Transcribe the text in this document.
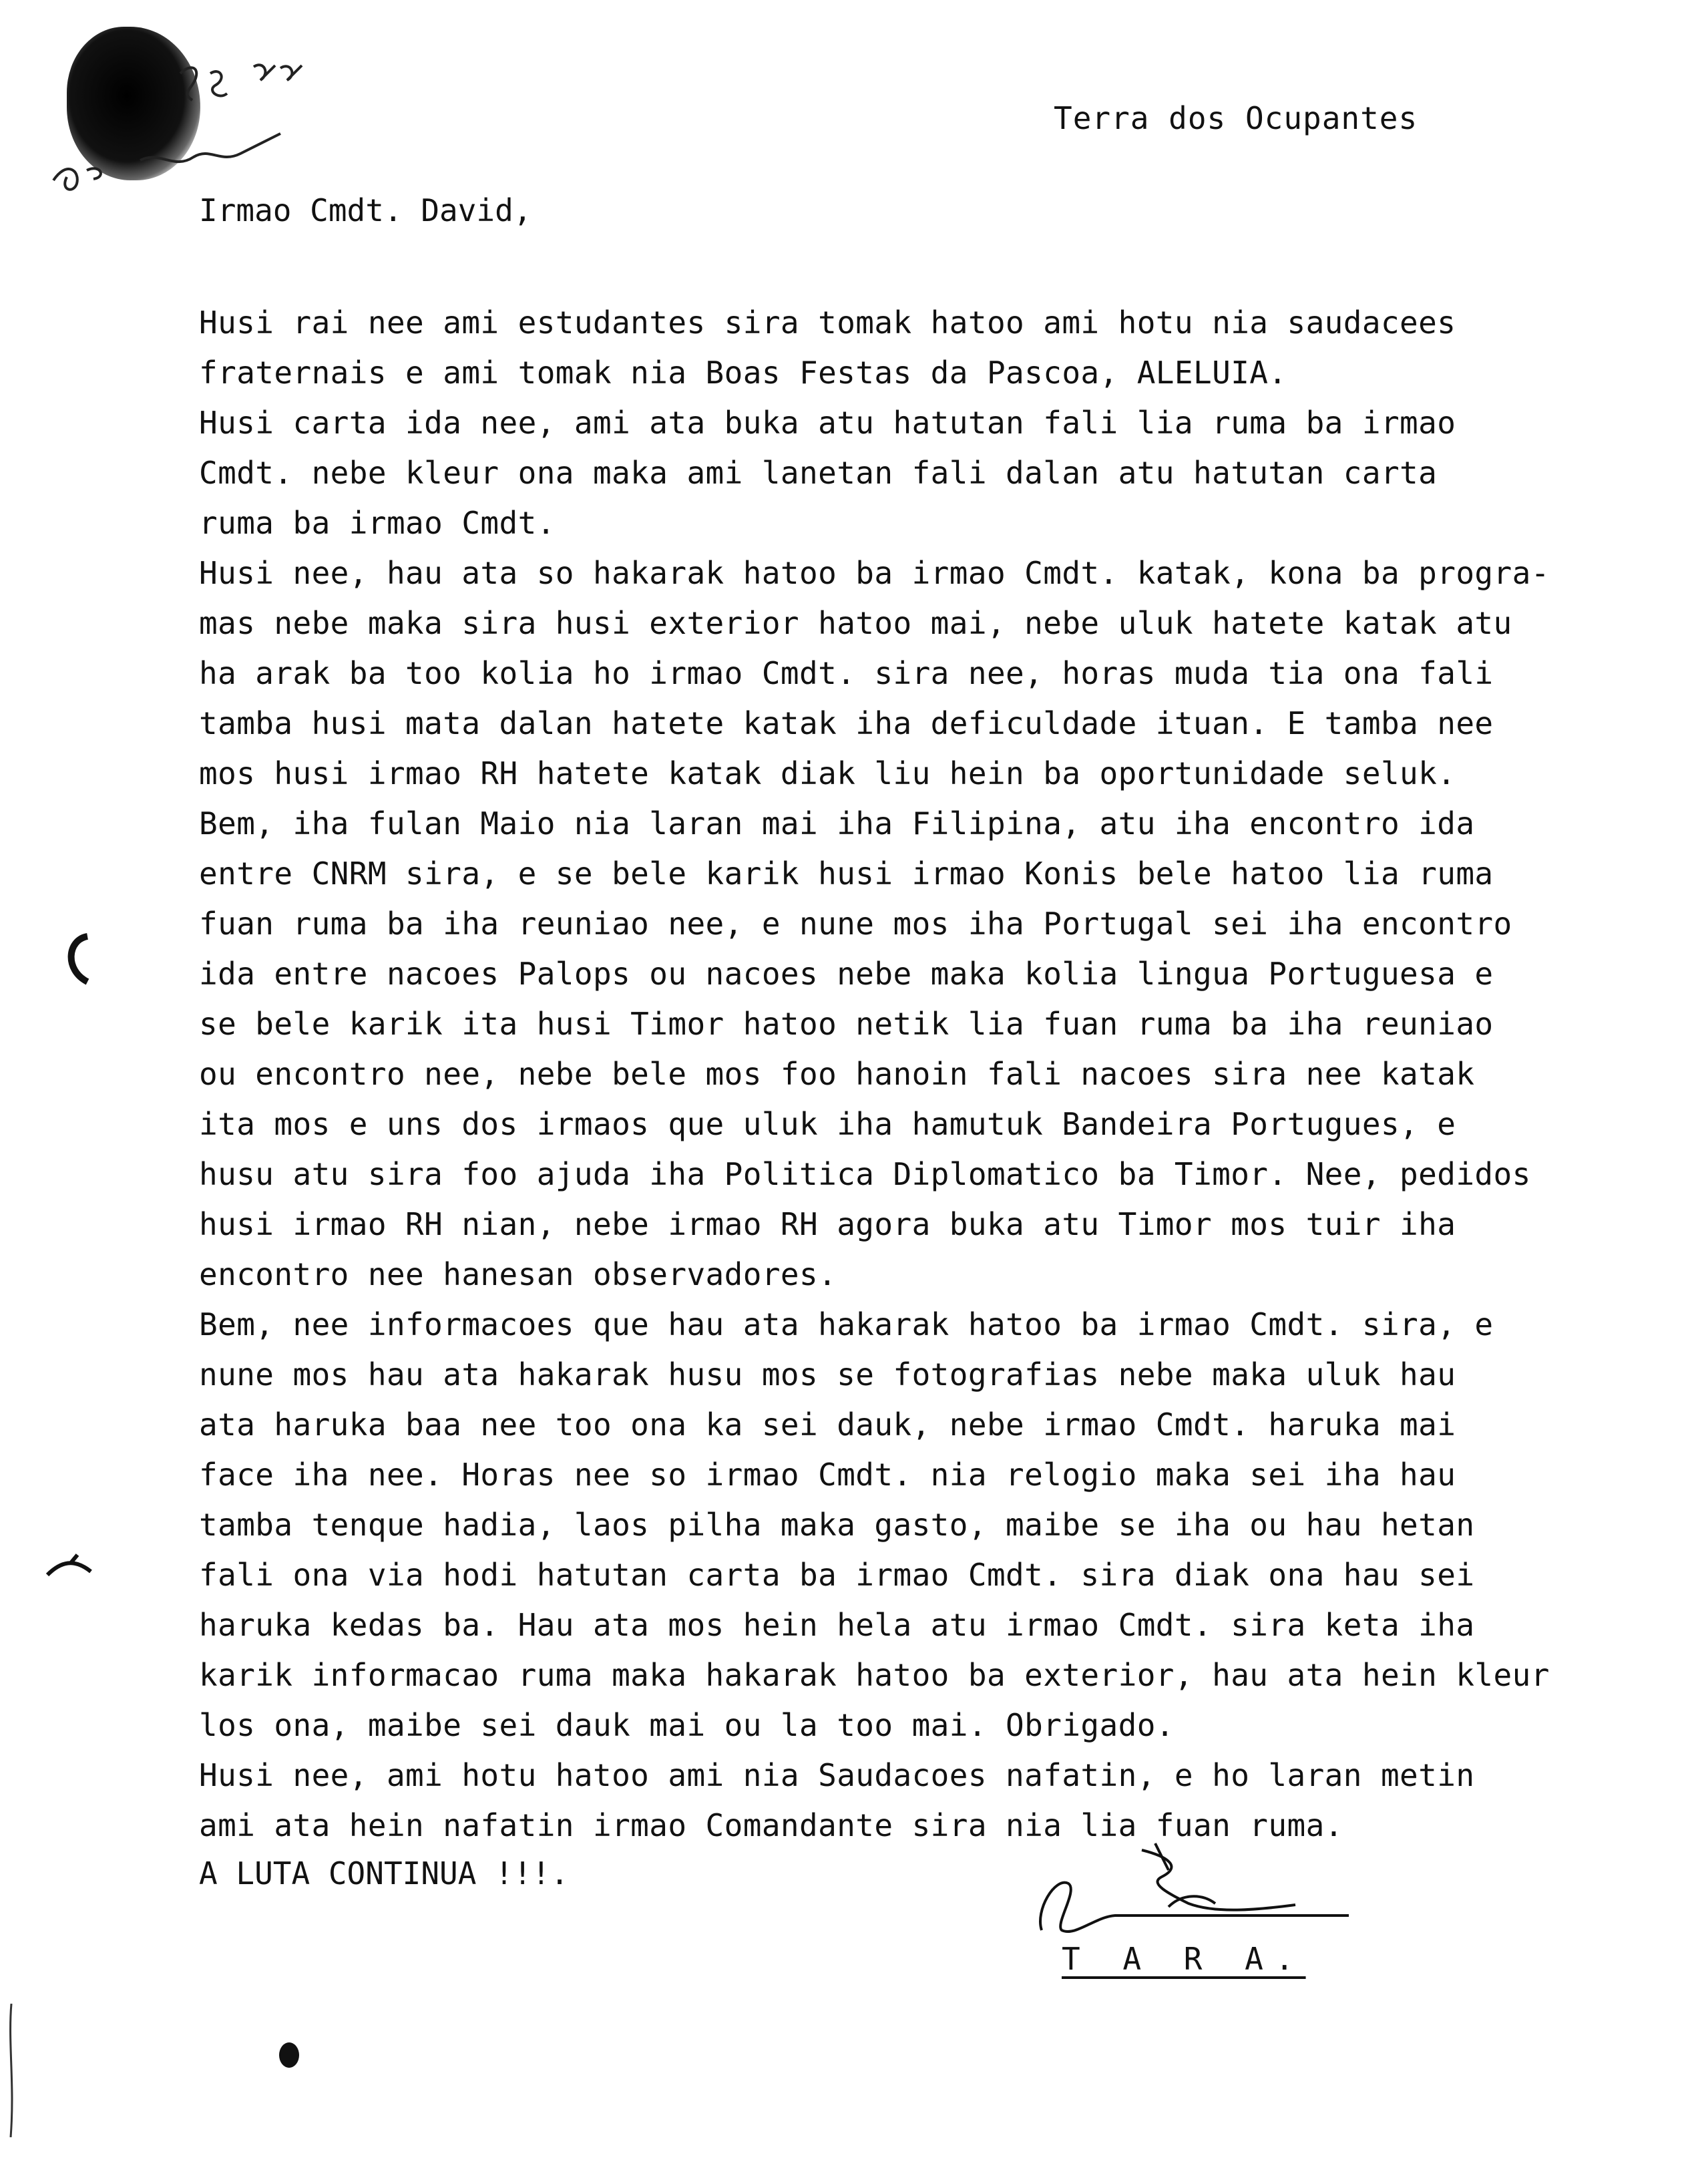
Terra dos Ocupantes
Irmao Cmdt. David,
Husi rai nee ami estudantes sira tomak hatoo ami hotu nia saudacees
fraternais e ami tomak nia Boas Festas da Pascoa, ALELUIA.
Husi carta ida nee, ami ata buka atu hatutan fali lia ruma ba irmao
Cmdt. nebe kleur ona maka ami lanetan fali dalan atu hatutan carta
ruma ba irmao Cmdt.
Husi nee, hau ata so hakarak hatoo ba irmao Cmdt. katak, kona ba progra-
mas nebe maka sira husi exterior hatoo mai, nebe uluk hatete katak atu
ha arak ba too kolia ho irmao Cmdt. sira nee, horas muda tia ona fali
tamba husi mata dalan hatete katak iha deficuldade ituan. E tamba nee
mos husi irmao RH hatete katak diak liu hein ba oportunidade seluk.
Bem, iha fulan Maio nia laran mai iha Filipina, atu iha encontro ida
entre CNRM sira, e se bele karik husi irmao Konis bele hatoo lia ruma
fuan ruma ba iha reuniao nee, e nune mos iha Portugal sei iha encontro
ida entre nacoes Palops ou nacoes nebe maka kolia lingua Portuguesa e
se bele karik ita husi Timor hatoo netik lia fuan ruma ba iha reuniao
ou encontro nee, nebe bele mos foo hanoin fali nacoes sira nee katak
ita mos e uns dos irmaos que uluk iha hamutuk Bandeira Portugues, e
husu atu sira foo ajuda iha Politica Diplomatico ba Timor. Nee, pedidos
husi irmao RH nian, nebe irmao RH agora buka atu Timor mos tuir iha
encontro nee hanesan observadores.
Bem, nee informacoes que hau ata hakarak hatoo ba irmao Cmdt. sira, e
nune mos hau ata hakarak husu mos se fotografias nebe maka uluk hau
ata haruka baa nee too ona ka sei dauk, nebe irmao Cmdt. haruka mai
face iha nee. Horas nee so irmao Cmdt. nia relogio maka sei iha hau
tamba tenque hadia, laos pilha maka gasto, maibe se iha ou hau hetan
fali ona via hodi hatutan carta ba irmao Cmdt. sira diak ona hau sei
haruka kedas ba. Hau ata mos hein hela atu irmao Cmdt. sira keta iha
karik informacao ruma maka hakarak hatoo ba exterior, hau ata hein kleur
los ona, maibe sei dauk mai ou la too mai. Obrigado.
Husi nee, ami hotu hatoo ami nia Saudacoes nafatin, e ho laran metin
ami ata hein nafatin irmao Comandante sira nia lia fuan ruma.
A LUTA CONTINUA !!!.
T A R A.
